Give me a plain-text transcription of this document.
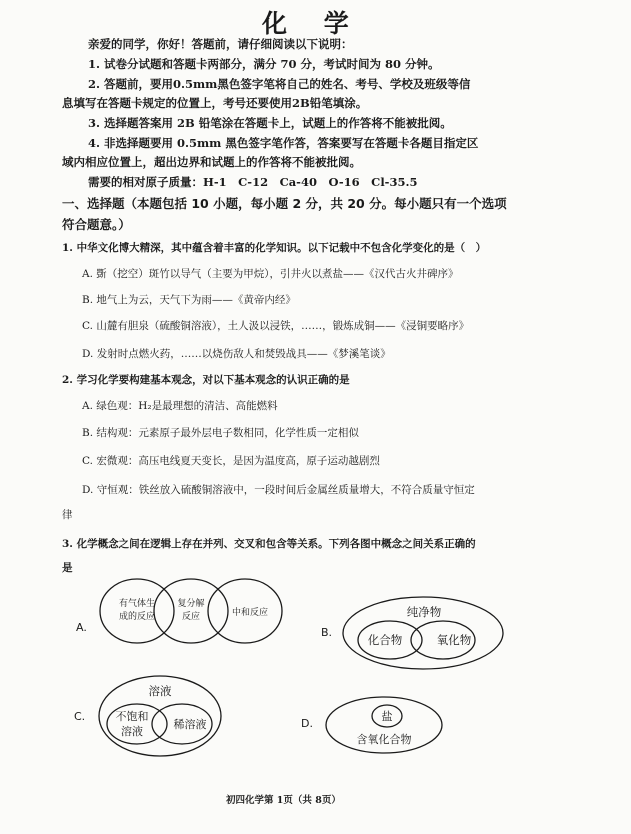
化 学
亲爱的同学，你好！答题前，请仔细阅读以下说明：
1. 试卷分试题和答题卡两部分，满分 70 分，考试时间为 80 分钟。
2. 答题前，要用0.5mm黑色签字笔将自己的姓名、考号、学校及班级等信
息填写在答题卡规定的位置上，考号还要使用2B铅笔填涂。
3. 选择题答案用 2B 铅笔涂在答题卡上，试题上的作答将不能被批阅。
4. 非选择题要用 0.5mm 黑色签字笔作答，答案要写在答题卡各题目指定区
域内相应位置上，超出边界和试题上的作答将不能被批阅。
需要的相对原子质量：H-1　C-12　Ca-40　O-16　Cl-35.5
一、选择题（本题包括 10 小题，每小题 2 分，共 20 分。每小题只有一个选项
符合题意。）
1. 中华文化博大精深，其中蕴含着丰富的化学知识。以下记载中不包含化学变化的是（　）
A. 斲（挖空）斑竹以导气（主要为甲烷），引井火以煮盐——《汉代古火井碑序》
B. 地气上为云，天气下为雨——《黄帝内经》
C. 山麓有胆泉（硫酸铜溶液），土人汲以浸铁，……，锻炼成铜——《浸铜要略序》
D. 发射时点燃火药，……以烧伤敌人和焚毁战具——《梦溪笔谈》
2. 学习化学要构建基本观念，对以下基本观念的认识正确的是
A. 绿色观：H₂是最理想的清洁、高能燃料
B. 结构观：元素原子最外层电子数相同，化学性质一定相似
C. 宏微观：高压电线夏天变长，是因为温度高，原子运动越剧烈
D. 守恒观：铁丝放入硫酸铜溶液中，一段时间后金属丝质量增大，不符合质量守恒定
律
3. 化学概念之间在逻辑上存在并列、交叉和包含等关系。下列各图中概念之间关系正确的
是
A.
有气体生
成的反应
复分解
反应	中和反应
B.
纯净物
化合物	氧化物
C.
溶液
不饱和
溶液
稀溶液	D.
盐
含氧化合物
初四化学第 1页（共 8页）
